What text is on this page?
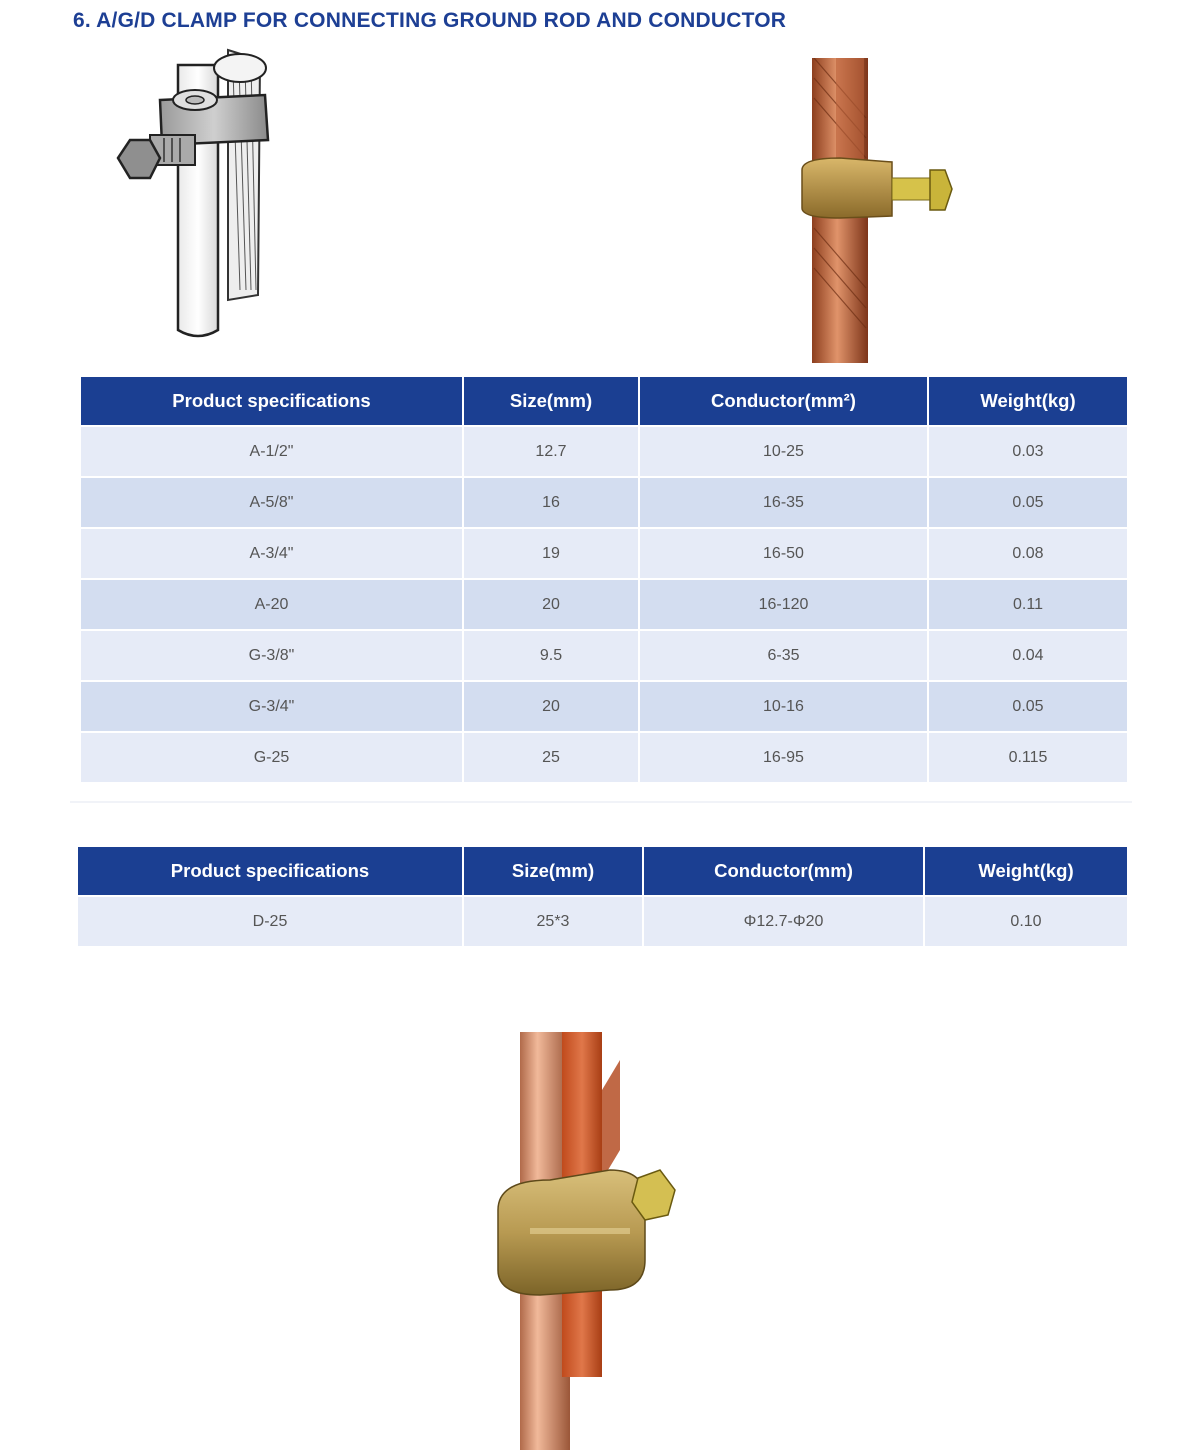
6. A/G/D CLAMP FOR CONNECTING GROUND ROD AND CONDUCTOR
Product specifications	Size(mm)	Conductor(mm²)	Weight(kg)
A-1/2"	12.7	10-25	0.03
A-5/8"	16	16-35	0.05
A-3/4"	19	16-50	0.08
A-20	20	16-120	0.11
G-3/8"	9.5	6-35	0.04
G-3/4"	20	10-16	0.05
G-25	25	16-95	0.115
Product specifications	Size(mm)	Conductor(mm)	Weight(kg)
D-25	25*3	Φ12.7-Φ20	0.10
